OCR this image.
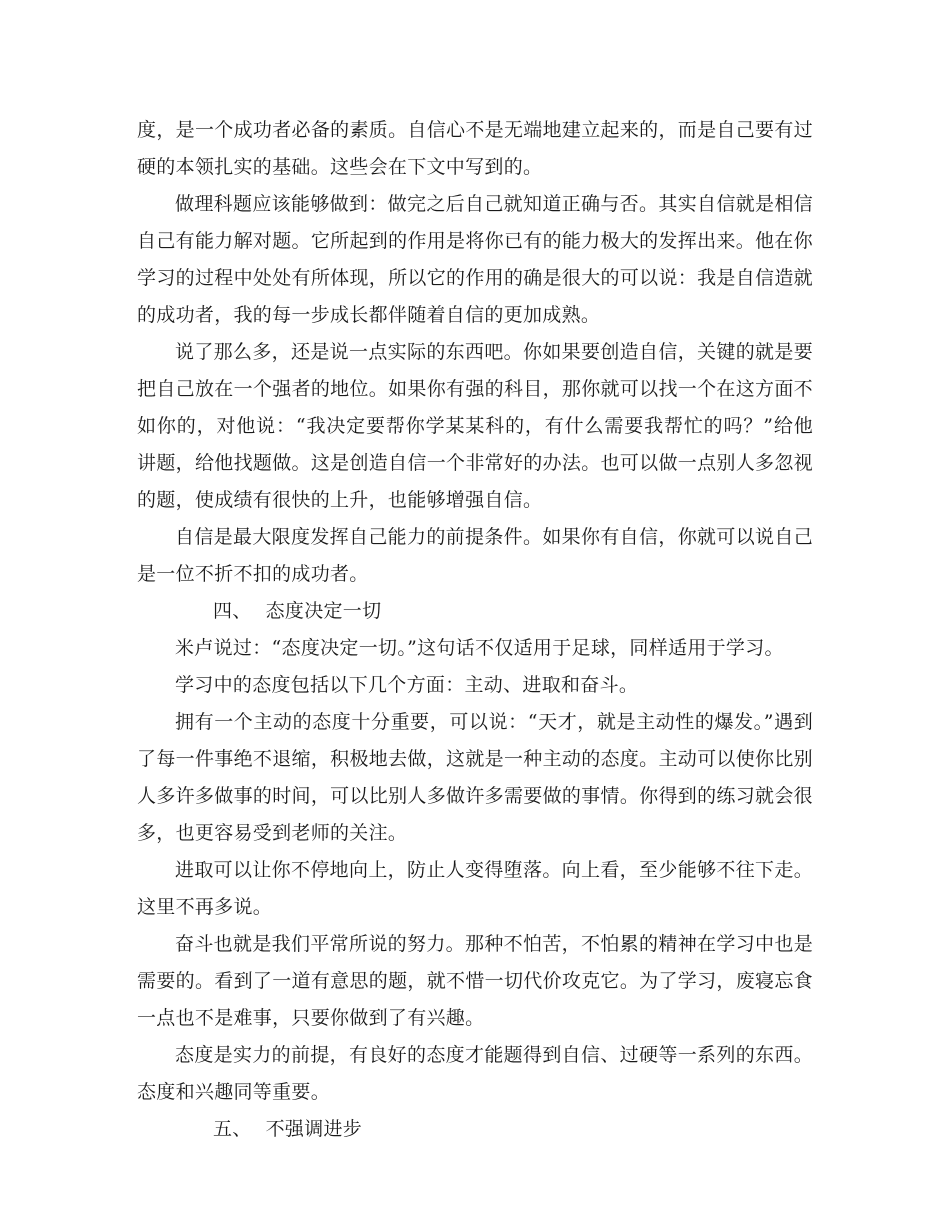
度，是一个成功者必备的素质。自信心不是无端地建立起来的，而是自己要有过硬的本领扎实的基础。这些会在下文中写到的。

做理科题应该能够做到：做完之后自己就知道正确与否。其实自信就是相信自己有能力解对题。它所起到的作用是将你已有的能力极大的发挥出来。他在你学习的过程中处处有所体现，所以它的作用的确是很大的可以说：我是自信造就的成功者，我的每一步成长都伴随着自信的更加成熟。

说了那么多，还是说一点实际的东西吧。你如果要创造自信，关键的就是要把自己放在一个强者的地位。如果你有强的科目，那你就可以找一个在这方面不如你的，对他说：“我决定要帮你学某某科的，有什么需要我帮忙的吗？”给他讲题，给他找题做。这是创造自信一个非常好的办法。也可以做一点别人多忽视的题，使成绩有很快的上升，也能够增强自信。

自信是最大限度发挥自己能力的前提条件。如果你有自信，你就可以说自己是一位不折不扣的成功者。

四、 态度决定一切

米卢说过：“态度决定一切。”这句话不仅适用于足球，同样适用于学习。

学习中的态度包括以下几个方面：主动、进取和奋斗。

拥有一个主动的态度十分重要，可以说：“天才，就是主动性的爆发。”遇到了每一件事绝不退缩，积极地去做，这就是一种主动的态度。主动可以使你比别人多许多做事的时间，可以比别人多做许多需要做的事情。你得到的练习就会很多，也更容易受到老师的关注。

进取可以让你不停地向上，防止人变得堕落。向上看，至少能够不往下走。这里不再多说。

奋斗也就是我们平常所说的努力。那种不怕苦，不怕累的精神在学习中也是需要的。看到了一道有意思的题，就不惜一切代价攻克它。为了学习，废寝忘食一点也不是难事，只要你做到了有兴趣。

态度是实力的前提，有良好的态度才能题得到自信、过硬等一系列的东西。态度和兴趣同等重要。

五、 不强调进步
